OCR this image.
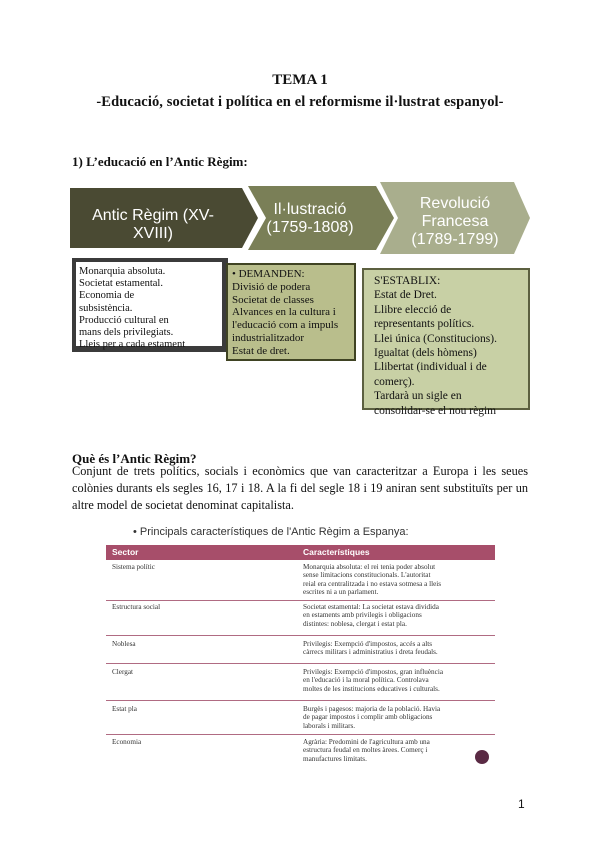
TEMA 1
-Educació, societat i política en el reformisme il·lustrat espanyol-
1) L’educació en l’Antic Règim:
Antic Règim (XV-
XVIII)
Il·lustració
(1759-1808)
Revolució
Francesa
(1789-1799)
Monarquia absoluta.
Societat estamental.
Economia de
subsistència.
Producció cultural en
mans dels privilegiats.
Lleis per a cada estament
• DEMANDEN:
Divisió de podera
Societat de classes
Alvances en la cultura i
l'educació com a impuls
industrialitzador
Estat de dret.
S'ESTABLIX:
Estat de Dret.
Llibre elecció de
representants polítics.
Llei única (Constitucions).
Igualtat (dels hòmens)
Llibertat (individual i de
comerç).
Tardarà un sigle en
consolidar-se el nou règim
Què és l’Antic Règim?
Conjunt de trets polítics, socials i econòmics que van caracteritzar a Europa i les seues colònies durants els segles 16, 17 i 18. A la fi del segle 18 i 19 aniran sent substituïts per un altre model de societat denominat capitalista.
• Principals característiques de l'Antic Règim a Espanya:
Sector	Característiques
Sistema polític	Monarquia absoluta: el rei tenia poder absolut
sense limitacions constitucionals. L'autoritat
reial era centralitzada i no estava sotmesa a lleis
escrites ni a un parlament.
Estructura social	Societat estamental: La societat estava dividida
en estaments amb privilegis i obligacions
distintes: noblesa, clergat i estat pla.
Noblesa	Privilegis: Exempció d'impostos, accés a alts
càrrecs militars i administratius i dreta feudals.
Clergat	Privilegis: Exempció d'impostos, gran influència
en l'educació i la moral política. Controlava
moltes de les institucions educatives i culturals.
Estat pla	Burgès i pagesos: majoria de la població. Havia
de pagar impostos i complir amb obligacions
laborals i militars.
Economia	Agrària: Predomini de l'agricultura amb una
estructura feudal en moltes àrees. Comerç i
manufactures limitats.
1
